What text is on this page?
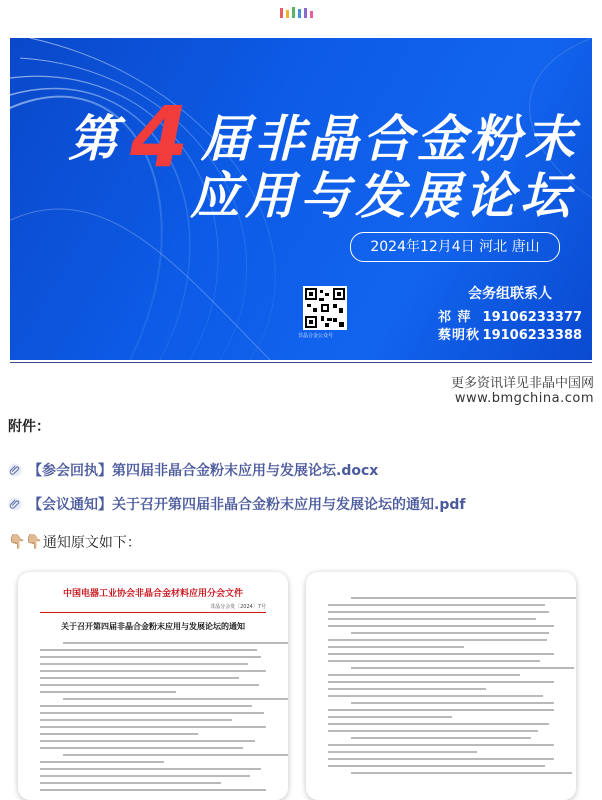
第4 届非晶合金粉末
应用与发展论坛
2024年12月4日 河北 唐山
非晶合金公众号
会务组联系人
祁 萍 19106233377
蔡明秋 19106233388
更多资讯详见非晶中国网
www.bmgchina.com
附件：
【参会回执】第四届非晶合金粉末应用与发展论坛.docx
【会议通知】关于召开第四届非晶合金粉末应用与发展论坛的通知.pdf
👇🏼👇🏼 通知原文如下：
中国电器工业协会非晶合金材料应用分会文件
非晶分会发〔2024〕7号
关于召开第四届非晶合金粉末应用与发展论坛的通知
